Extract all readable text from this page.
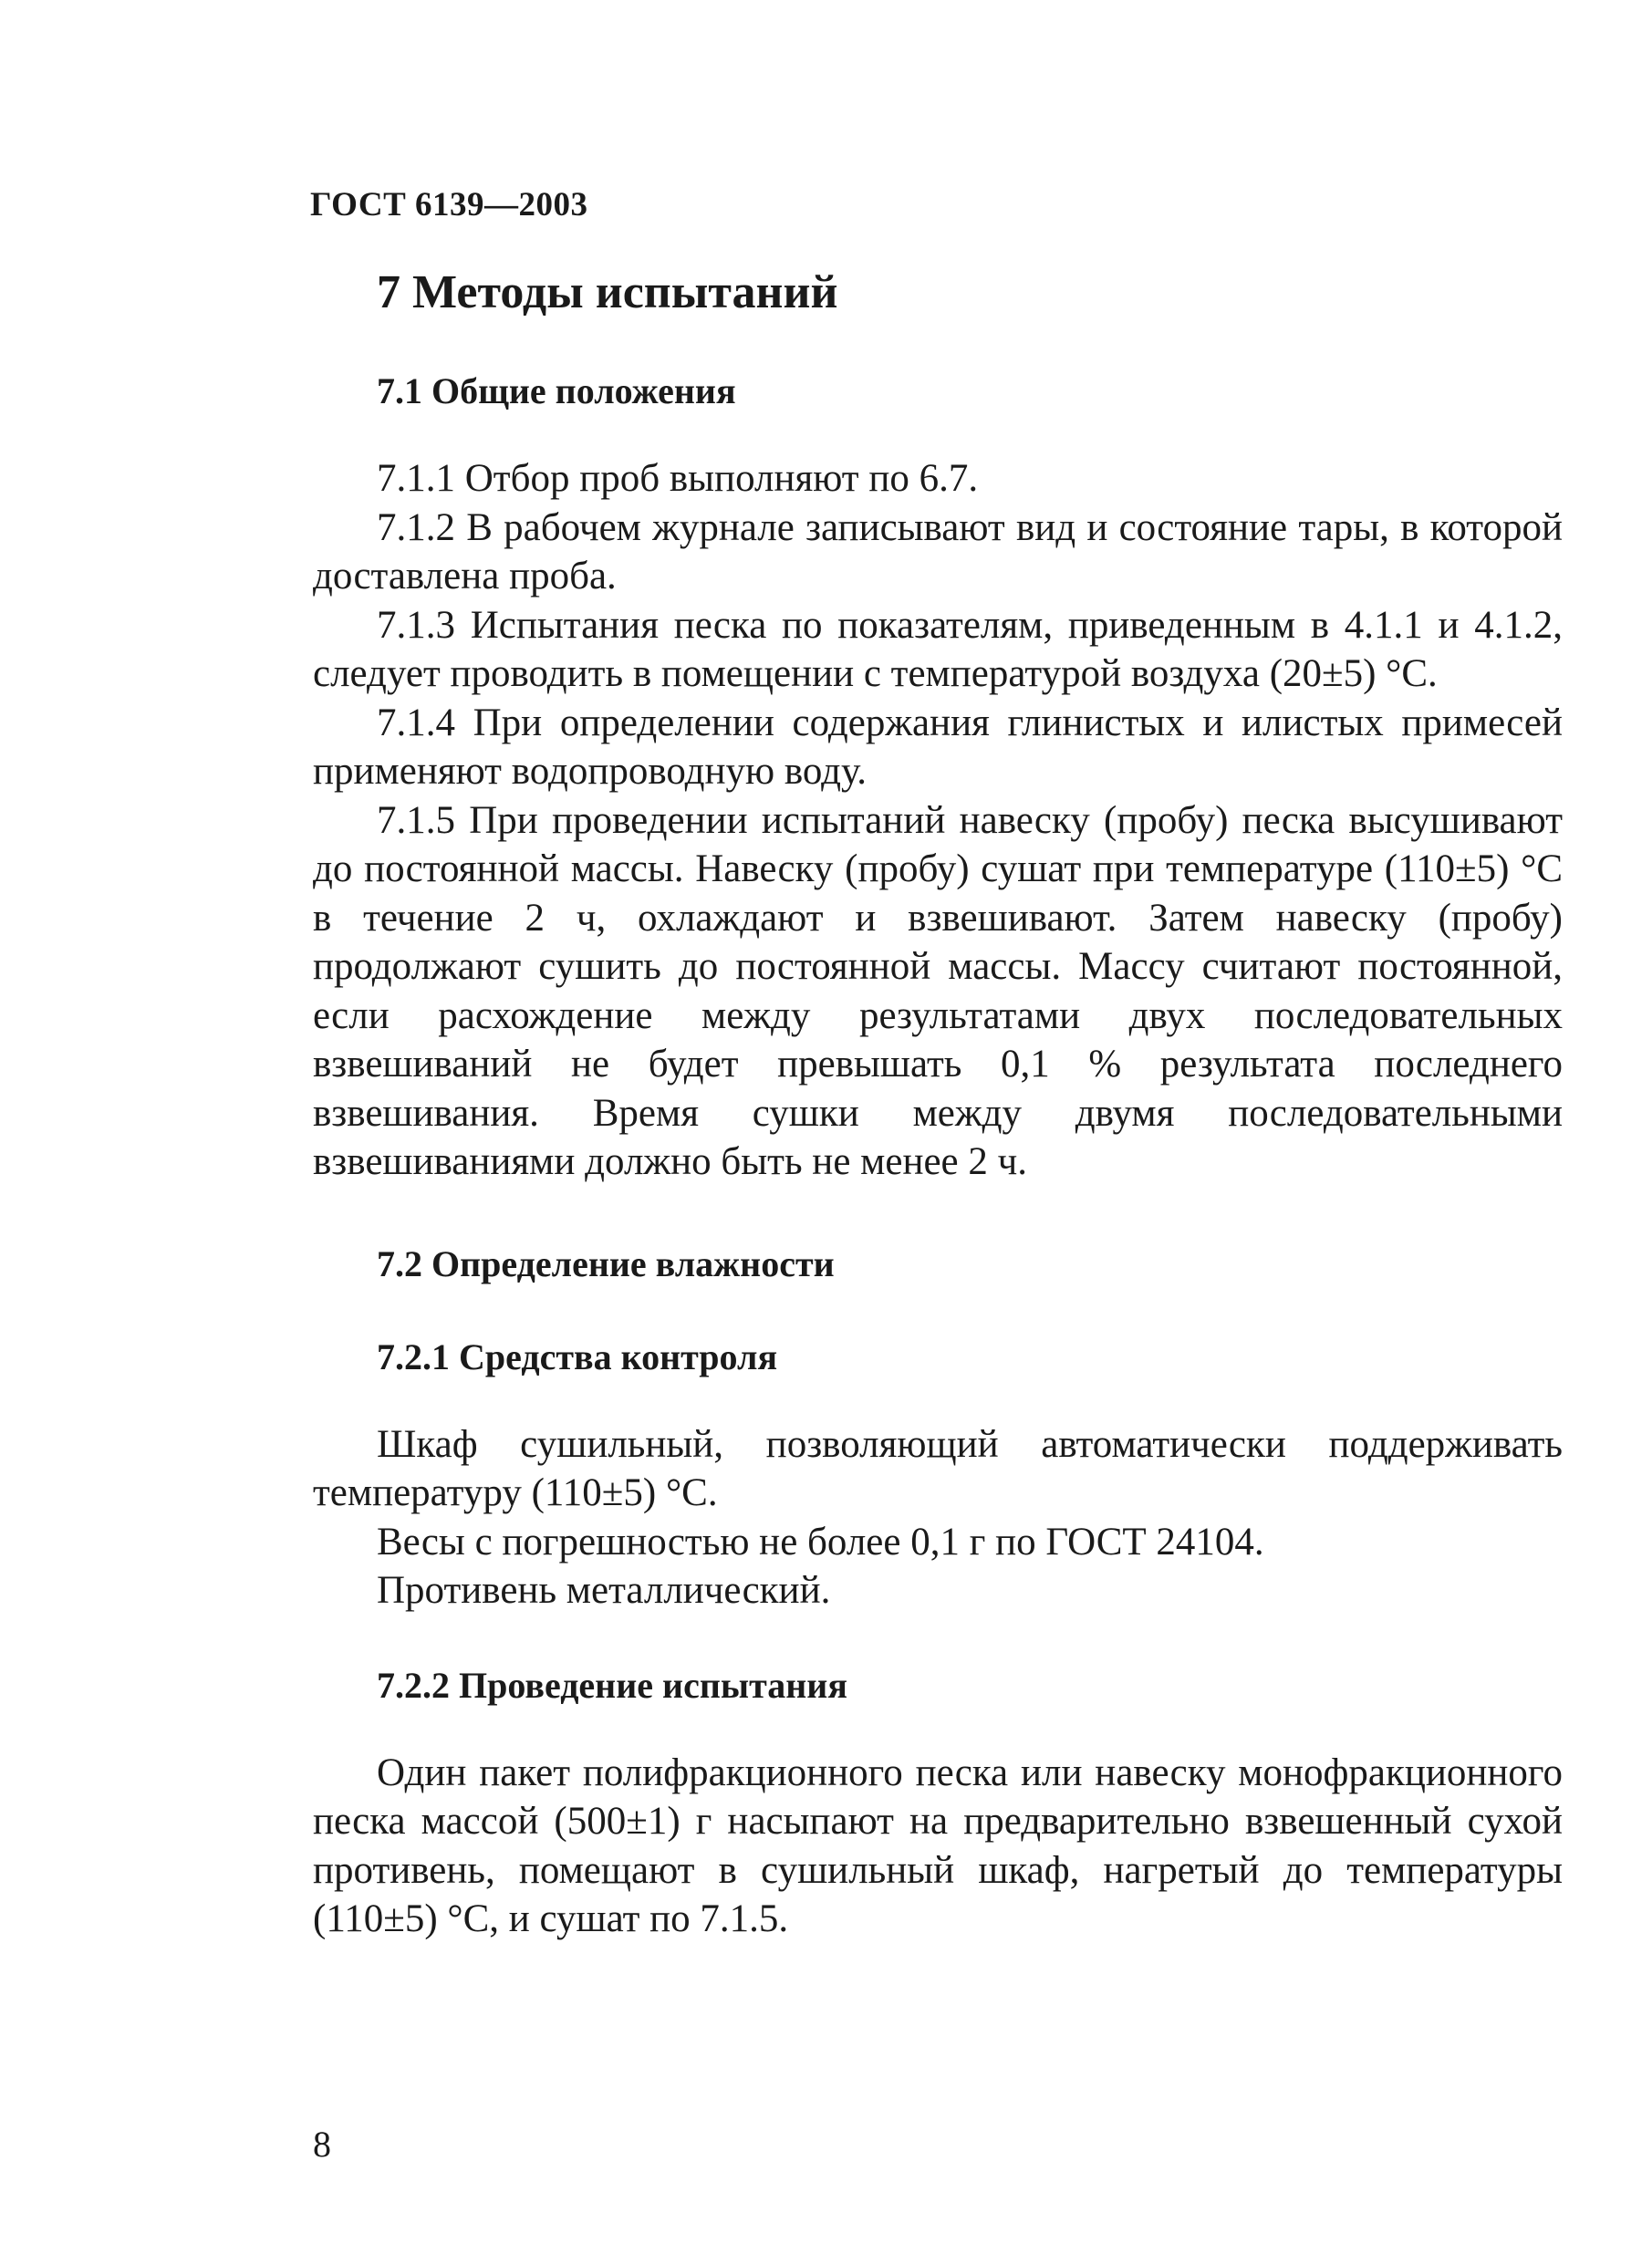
ГОСТ 6139—2003
7 Методы испытаний
7.1 Общие положения

7.1.1 Отбор проб выполняют по 6.7.

7.1.2 В рабочем журнале записывают вид и состояние тары, в которой доставлена проба.

7.1.3 Испытания песка по показателям, приведенным в 4.1.1 и 4.1.2, следует проводить в помещении с температурой воздуха (20±5) °С.

7.1.4 При определении содержания глинистых и илистых примесей применяют водопроводную воду.

7.1.5 При проведении испытаний навеску (пробу) песка высушивают до постоянной массы. Навеску (пробу) сушат при температуре (110±5) °С в течение 2 ч, охлаждают и взвешивают. Затем навеску (пробу) продолжают сушить до постоянной массы. Массу считают постоянной, если расхождение между результатами двух последовательных взвешиваний не будет превышать 0,1 % результата последнего взвешивания. Время сушки между двумя последовательными взвешиваниями должно быть не менее 2 ч.

7.2 Определение влажности
7.2.1 Средства контроля

Шкаф сушильный, позволяющий автоматически поддерживать температуру (110±5) °С.

Весы с погрешностью не более 0,1 г по ГОСТ 24104.

Противень металлический.

7.2.2 Проведение испытания

Один пакет полифракционного песка или навеску монофракционного песка массой (500±1) г насыпают на предварительно взвешенный сухой противень, помещают в сушильный шкаф, нагретый до температуры (110±5) °С, и сушат по 7.1.5.

8
